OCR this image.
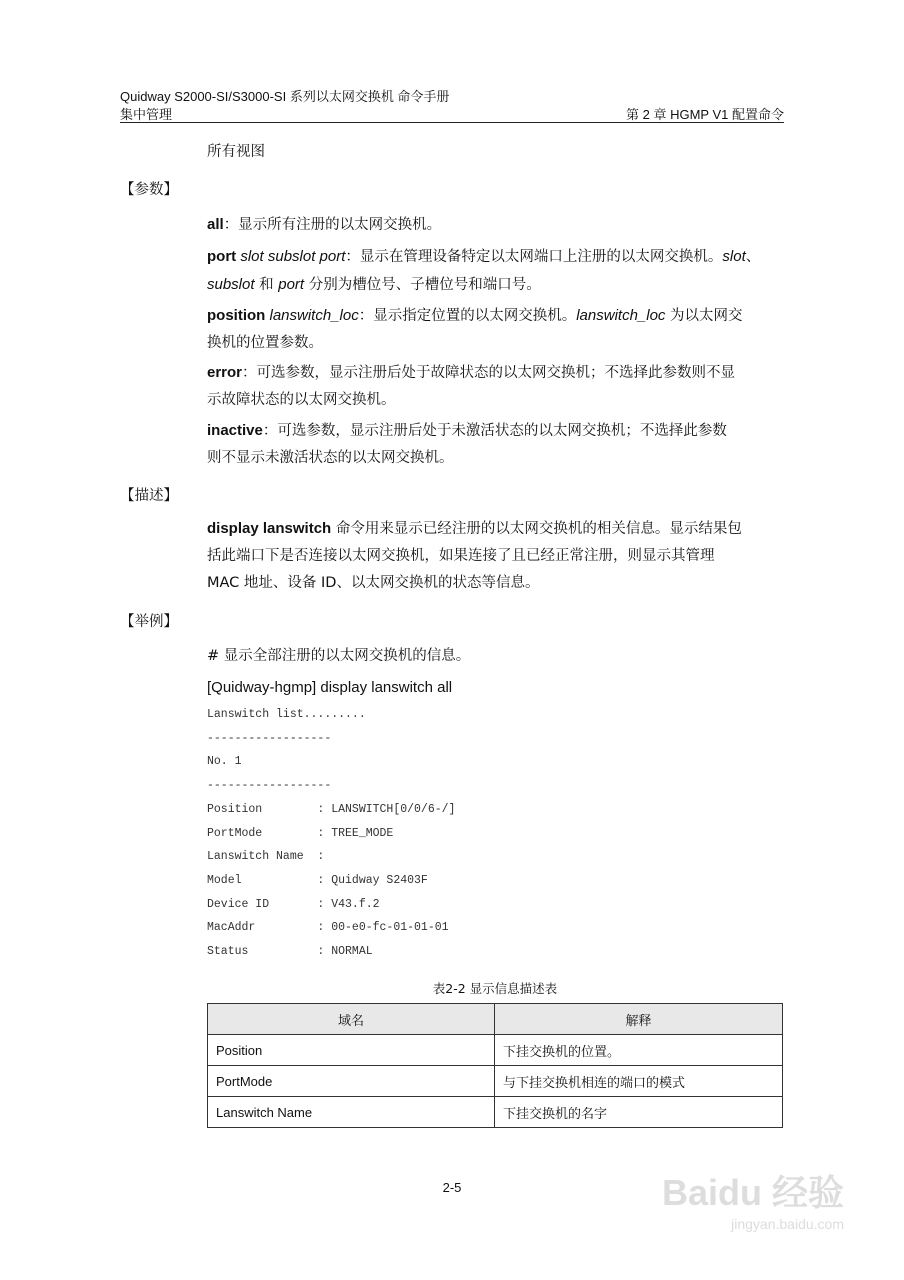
Quidway S2000-SI/S3000-SI 系列以太网交换机 命令手册
集中管理	第 2 章 HGMP V1 配置命令
所有视图
【参数】
all：显示所有注册的以太网交换机。
port slot subslot port：显示在管理设备特定以太网端口上注册的以太网交换机。slot、
subslot 和 port 分别为槽位号、子槽位号和端口号。
position lanswitch_loc：显示指定位置的以太网交换机。lanswitch_loc 为以太网交
换机的位置参数。
error：可选参数，显示注册后处于故障状态的以太网交换机；不选择此参数则不显
示故障状态的以太网交换机。
inactive：可选参数，显示注册后处于未激活状态的以太网交换机；不选择此参数
则不显示未激活状态的以太网交换机。
【描述】
display lanswitch 命令用来显示已经注册的以太网交换机的相关信息。显示结果包
括此端口下是否连接以太网交换机，如果连接了且已经正常注册，则显示其管理
MAC 地址、设备 ID、以太网交换机的状态等信息。
【举例】
# 显示全部注册的以太网交换机的信息。
[Quidway-hgmp] display lanswitch all
Lanswitch list.........
------------------
No. 1
------------------
Position        : LANSWITCH[0/0/6-/]
PortMode        : TREE_MODE
Lanswitch Name  :
Model           : Quidway S2403F
Device ID       : V43.f.2
MacAddr         : 00-e0-fc-01-01-01
Status          : NORMAL
表2-2 显示信息描述表
域名	解释
Position	下挂交换机的位置。
PortMode	与下挂交换机相连的端口的模式
Lanswitch Name	下挂交换机的名字
2-5	Baidu 经验
jingyan.baidu.com
